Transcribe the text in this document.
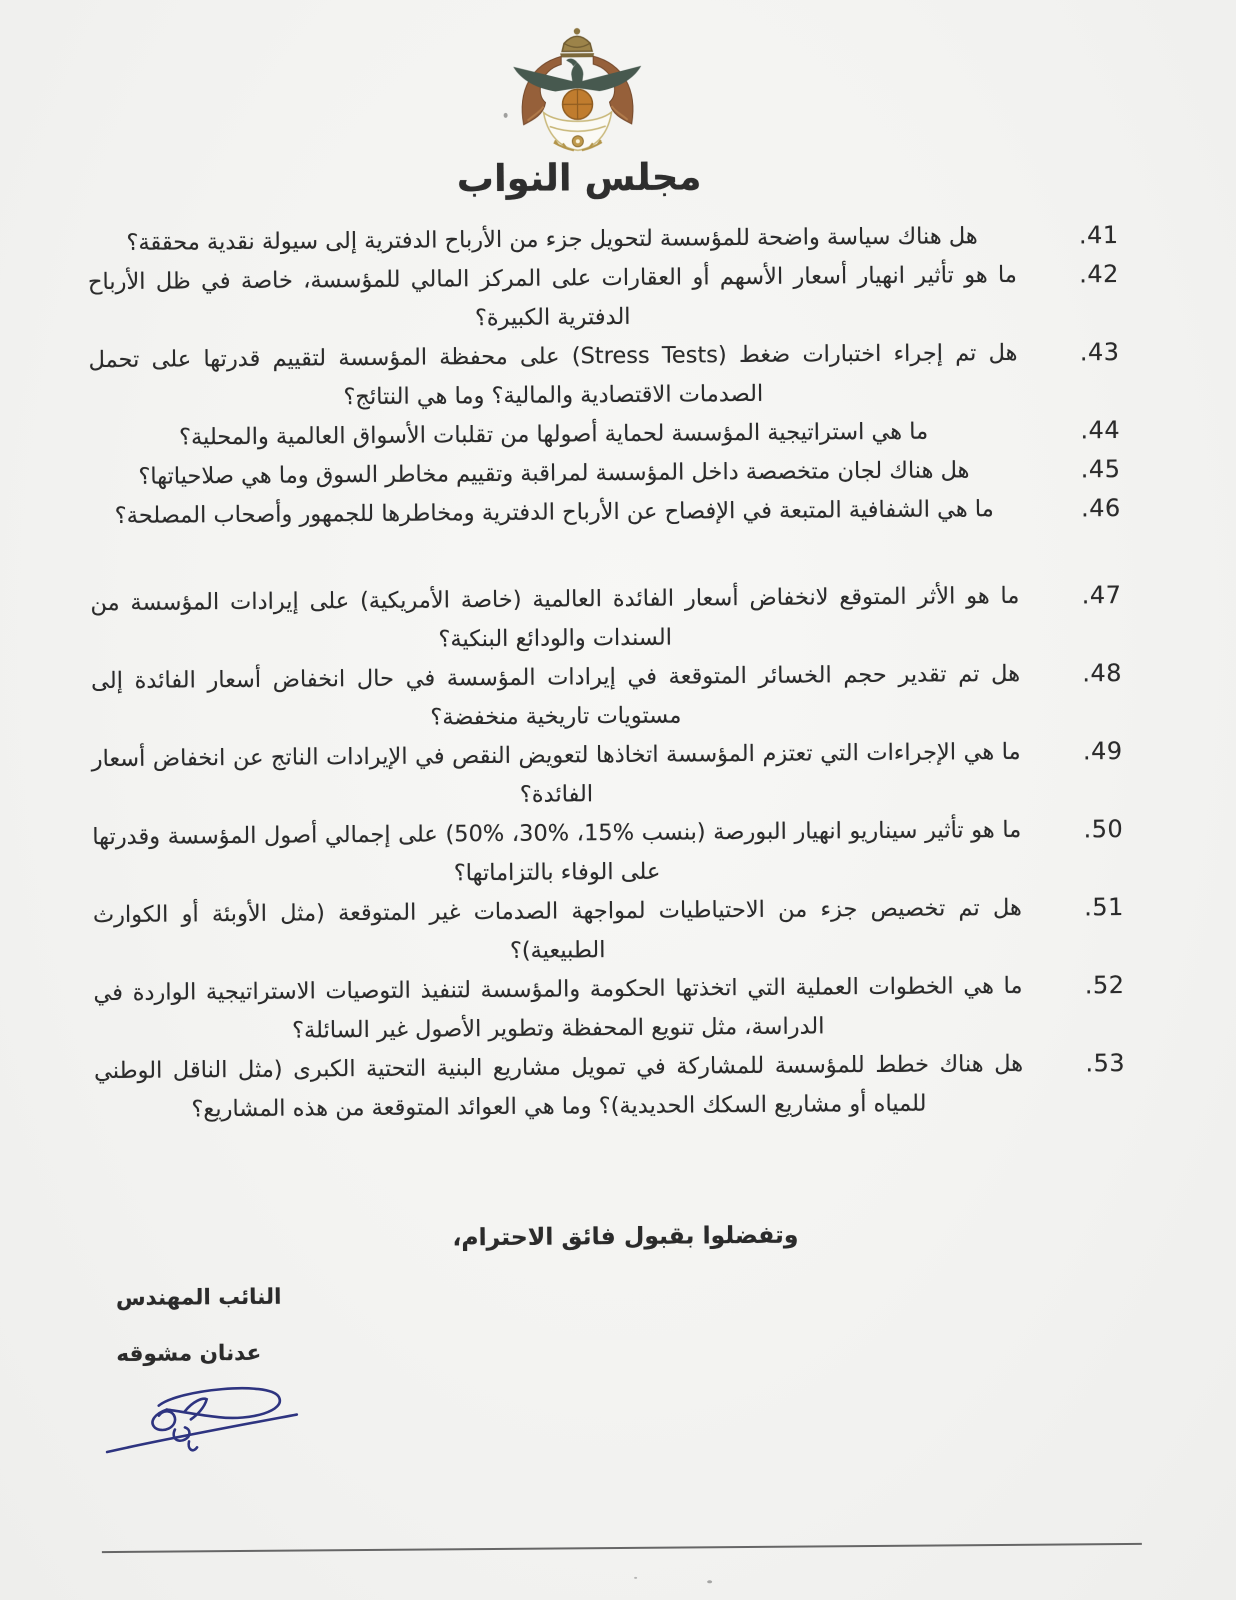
مجلس النواب
41.
هل هناك سياسة واضحة للمؤسسة لتحويل جزء من الأرباح الدفترية إلى سيولة نقدية محققة؟
42.
ما هو تأثير انهيار أسعار الأسهم أو العقارات على المركز المالي للمؤسسة، خاصة في ظل الأرباح الدفترية الكبيرة؟
43.
هل تم إجراء اختبارات ضغط (Stress Tests) على محفظة المؤسسة لتقييم قدرتها على تحمل الصدمات الاقتصادية والمالية؟ وما هي النتائج؟
44.
ما هي استراتيجية المؤسسة لحماية أصولها من تقلبات الأسواق العالمية والمحلية؟
45.
هل هناك لجان متخصصة داخل المؤسسة لمراقبة وتقييم مخاطر السوق وما هي صلاحياتها؟
46.
ما هي الشفافية المتبعة في الإفصاح عن الأرباح الدفترية ومخاطرها للجمهور وأصحاب المصلحة؟
47.
ما هو الأثر المتوقع لانخفاض أسعار الفائدة العالمية (خاصة الأمريكية) على إيرادات المؤسسة من السندات والودائع البنكية؟
48.
هل تم تقدير حجم الخسائر المتوقعة في إيرادات المؤسسة في حال انخفاض أسعار الفائدة إلى مستويات تاريخية منخفضة؟
49.
ما هي الإجراءات التي تعتزم المؤسسة اتخاذها لتعويض النقص في الإيرادات الناتج عن انخفاض أسعار الفائدة؟
50.
ما هو تأثير سيناريو انهيار البورصة (بنسب %15، %30، %50) على إجمالي أصول المؤسسة وقدرتها على الوفاء بالتزاماتها؟
51.
هل تم تخصيص جزء من الاحتياطيات لمواجهة الصدمات غير المتوقعة (مثل الأوبئة أو الكوارث الطبيعية)؟
52.
ما هي الخطوات العملية التي اتخذتها الحكومة والمؤسسة لتنفيذ التوصيات الاستراتيجية الواردة في الدراسة، مثل تنويع المحفظة وتطوير الأصول غير السائلة؟
53.
هل هناك خطط للمؤسسة للمشاركة في تمويل مشاريع البنية التحتية الكبرى (مثل الناقل الوطني للمياه أو مشاريع السكك الحديدية)؟ وما هي العوائد المتوقعة من هذه المشاريع؟

وتفضلوا بقبول فائق الاحترام،

النائب المهندس

عدنان مشوقه
